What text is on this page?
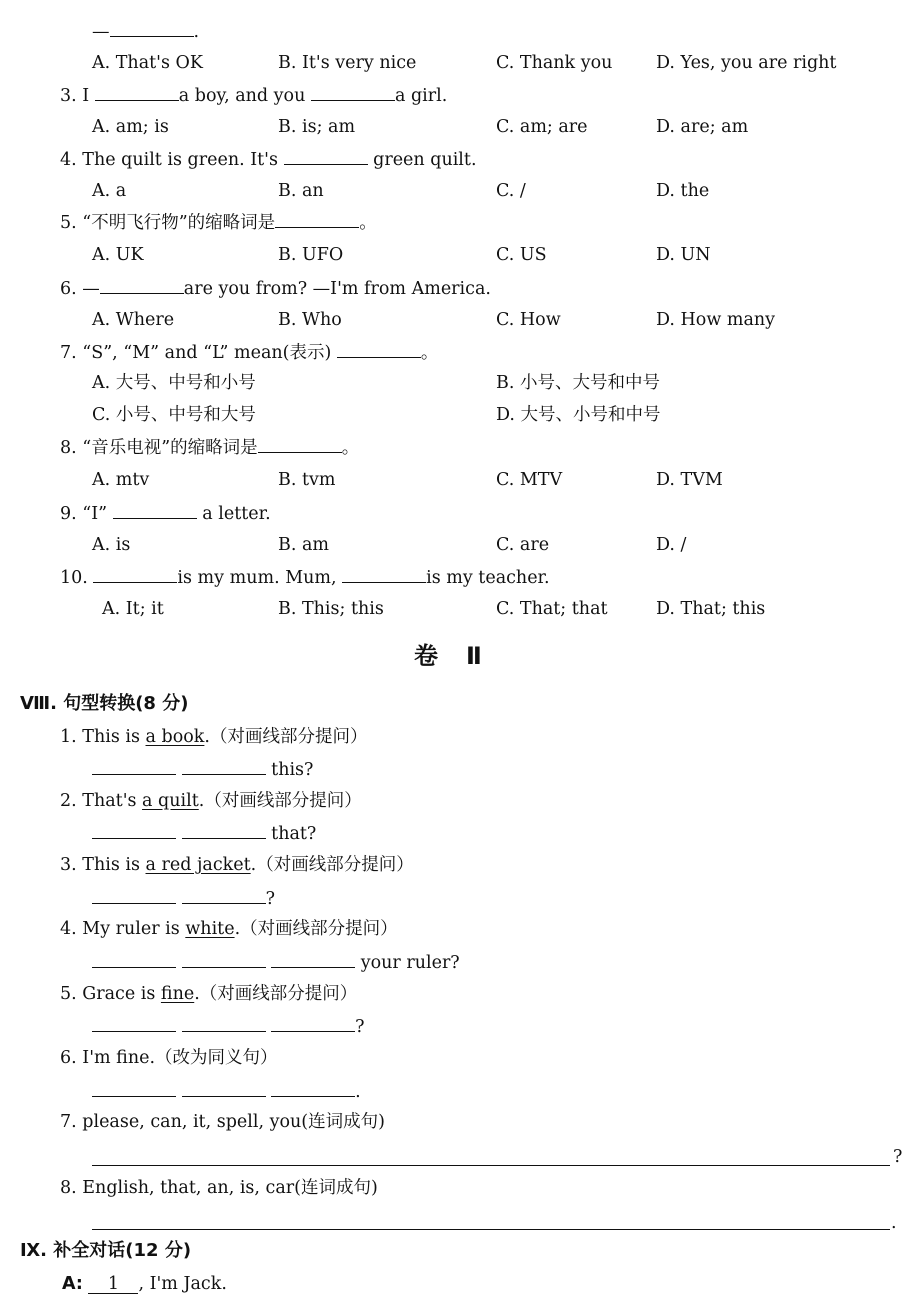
—	.
A. That's OK	B. It's very nice	C. Thank you D. Yes, you are right
3. I	a boy, and you	a girl.
A. am; is	B. is; am	C. am; are	D. are; am
4. The quilt is green. It's	green quilt.
A. a	B. an	C. /	D. the
5. “不明飞行物”的缩略词是	。
A. UK	B. UFO	C. US	D. UN
6. —	are you from? —I'm from America.
A. Where	B. Who	C. How	D. How many
7. “S”, “M” and “L” mean(表示)	。
A. 大号、中号和小号	B. 小号、大号和中号
C. 小号、中号和大号	D. 大号、小号和中号
8. “音乐电视”的缩略词是	。
A. mtv	B. tvm	C. MTV	D. TVM
9. “I”	a letter.
A. is	B. am	C. are	D. /
10.	is my mum. Mum,	is my teacher.
A. It; it	B. This; this	C. That; that	D. That; this
卷　Ⅱ
Ⅷ. 句型转换(8 分)
1. This is a book.（对画线部分提问）
this?
2. That's a quilt.（对画线部分提问）
that?
3. This is a red jacket.（对画线部分提问）
?
4. My ruler is white.（对画线部分提问）
your ruler?
5. Grace is fine.（对画线部分提问）
?
6. I'm fine.（改为同义句）
.
7. please, can, it, spell, you(连词成句)
?
8. English, that, an, is, car(连词成句)
.
Ⅸ. 补全对话(12 分)
A: 1 , I'm Jack.
